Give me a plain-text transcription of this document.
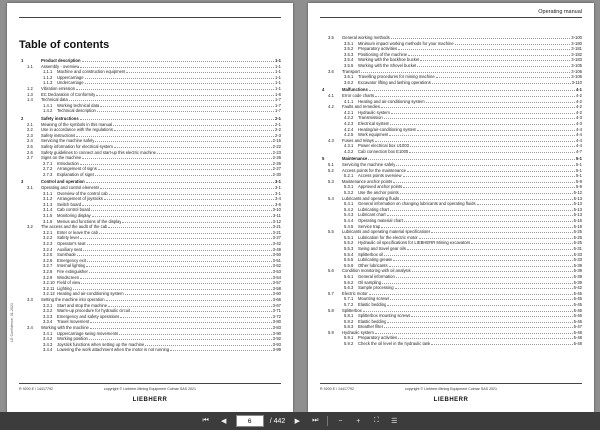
Table of contents
1	Product description	1-1
1.1	Assembly - overview	1-1
1.1.1	Machine and construction equipment	1-1
1.1.2	Uppercarriage	1-1
1.1.3	Undercarriage	1-1
1.2	Vibration emission	1-1
1.3	EC Declaration of Conformity	1-6
1.4	Technical data	1-7
1.4.1	Working technical data	1-7
1.4.2	Technical description	1-7
2	Safety instructions	2-1
2.1	Meaning of the symbols in this manual	2-1
2.2	Use in accordance with the regulations	2-2
2.3	Safety instructions	2-3
2.4	Servicing the machine safely	2-15
2.5	Safety information for electrical system	2-22
2.6	Safety guidelines to connect and start-up this electric machine	2-23
2.7	Signs on the machine	2-26
2.7.1	Introduction	2-26
2.7.2	Arrangement of signs	2-27
2.7.3	Explanation of signs	2-30
3	Control and operation	3-1
3.1	Operating and control elements	3-1
3.1.1	Overview of the control cab	3-1
3.1.2	Arrangement of joysticks	3-4
3.1.3	Switch board	3-6
3.1.4	Cab control board	3-10
3.1.5	Monitoring display	3-11
3.1.6	Menus and functions of the display	3-12
3.2	The access and the audit of the cab	3-21
3.2.1	Enter or leave the cab	3-21
3.2.2	Safety lever	3-27
3.2.3	Operator's seat	3-42
3.2.4	Auxiliary seat	3-49
3.2.5	Sunshade	3-50
3.2.6	Emergency exit	3-51
3.2.7	Internal lighting	3-52
3.2.8	Fire extinguisher	3-53
3.2.9	Windscreen	3-54
3.2.10 Field of view	3-57
3.2.11 Lighting	3-58
3.2.12 Heating and air-conditioning system	3-60
3.3	Setting the machine into operation	3-66
3.3.1	Start and stop the machine	3-67
3.3.2	Warm-up procedure for hydraulic circuit	3-71
3.3.3	Emergency and safety operations	3-72
3.3.4	Travel movement	3-80
3.4	Working with the machine	3-83
3.4.1	Uppercarriage swing movements	3-90
3.4.2	Working position	3-92
3.4.3	Joystick functions when setting up the machine	3-93
3.4.4	Lowering the work attachment when the motor is not running	3-99
LE Confidence: 01-2021
R 9200 E / 14417792	copyright © Liebherr-Mining Equipment Colmar SAS 2021
LIEBHERR
Operating manual
3.5	General working methods	3-100
3.5.1	Minimum impact working methods for your machine	3-180
3.5.2	Preparatory activities	3-181
3.5.3	Positioning of the machine	3-182
3.5.4	Working with the backhoe bucket	3-183
3.5.5	Working with the Shovel bucket	3-105
3.6	Transport	3-106
3.6.1	Travelling procedures for mining machine	3-106
3.6.2	Excavator lifting and lashing operations	3-110
4	Malfunctions	4-1
4.1	Error code charts	4-2
4.1.1	Heating and air-conditioning system	4-2
4.2	Faults and remedies	4-2
4.2.1	Hydraulic system	4-2
4.2.2	Transmission	4-3
4.2.3	Electrical system	4-3
4.2.4	Heating/air-conditioning system	4-4
4.2.5	Work equipment	4-4
4.3	Fuses and relays	4-4
4.3.1	Power electrical box U1003	4-4
4.3.2	Cab connection box E1005	4-7
5	Maintenance	5-1
5.1	Servicing the machine safely	5-1
5.2	Access points for the maintenance	5-1
5.2.1	Access points overview	5-1
5.3	Maintenance anchor points	5-9
5.3.1	Approved anchor points	5-9
5.3.2	Use the anchor points	5-12
5.4	Lubricants and operating fluids	5-13
5.4.1	General information on changing lubricants and operating fluids	5-13
5.4.2	Lubricating chart	5-13
5.4.3	Lubricant chart	5-13
5.4.4	Operating material chart	5-16
5.4.5	Service trap	5-19
5.5	Lubricants and operating material specifications	5-25
5.5.1	Lubrication for the electric motor	5-25
5.5.2	Hydraulic oil specifications for LIEBHERR Mining excavators	5-25
5.5.3	Swing and travel gear oils	5-31
5.5.4	Splitterbox oil	5-33
5.5.5	Lubricating grease	5-33
5.5.6	Other lubricants	5-39
5.6	Condition monitoring with oil analysis	5-39
5.6.1	General information	5-39
5.6.2	Oil sampling	5-39
5.6.3	Sample processing	5-42
5.7	Electric motor	5-45
5.7.1	Mounting screws	5-45
5.7.2	Elastic bedding	5-45
5.8	Splitterbox	5-46
5.8.1	Splitterbox mounting screws	5-46
5.8.2	Elastic bedding	5-46
5.8.3	Breather filter	5-47
5.9	Hydraulic system	5-48
5.9.1	Preparatory activities	5-48
5.9.2	Check the oil level in the hydraulic tank	5-48
R 9200 E / 14417792	copyright © Liebherr-Mining Equipment Colmar SAS 2021
LIEBHERR
⏮	◀
6	/ 442	▶	⏭	−	+	⛶	☰
